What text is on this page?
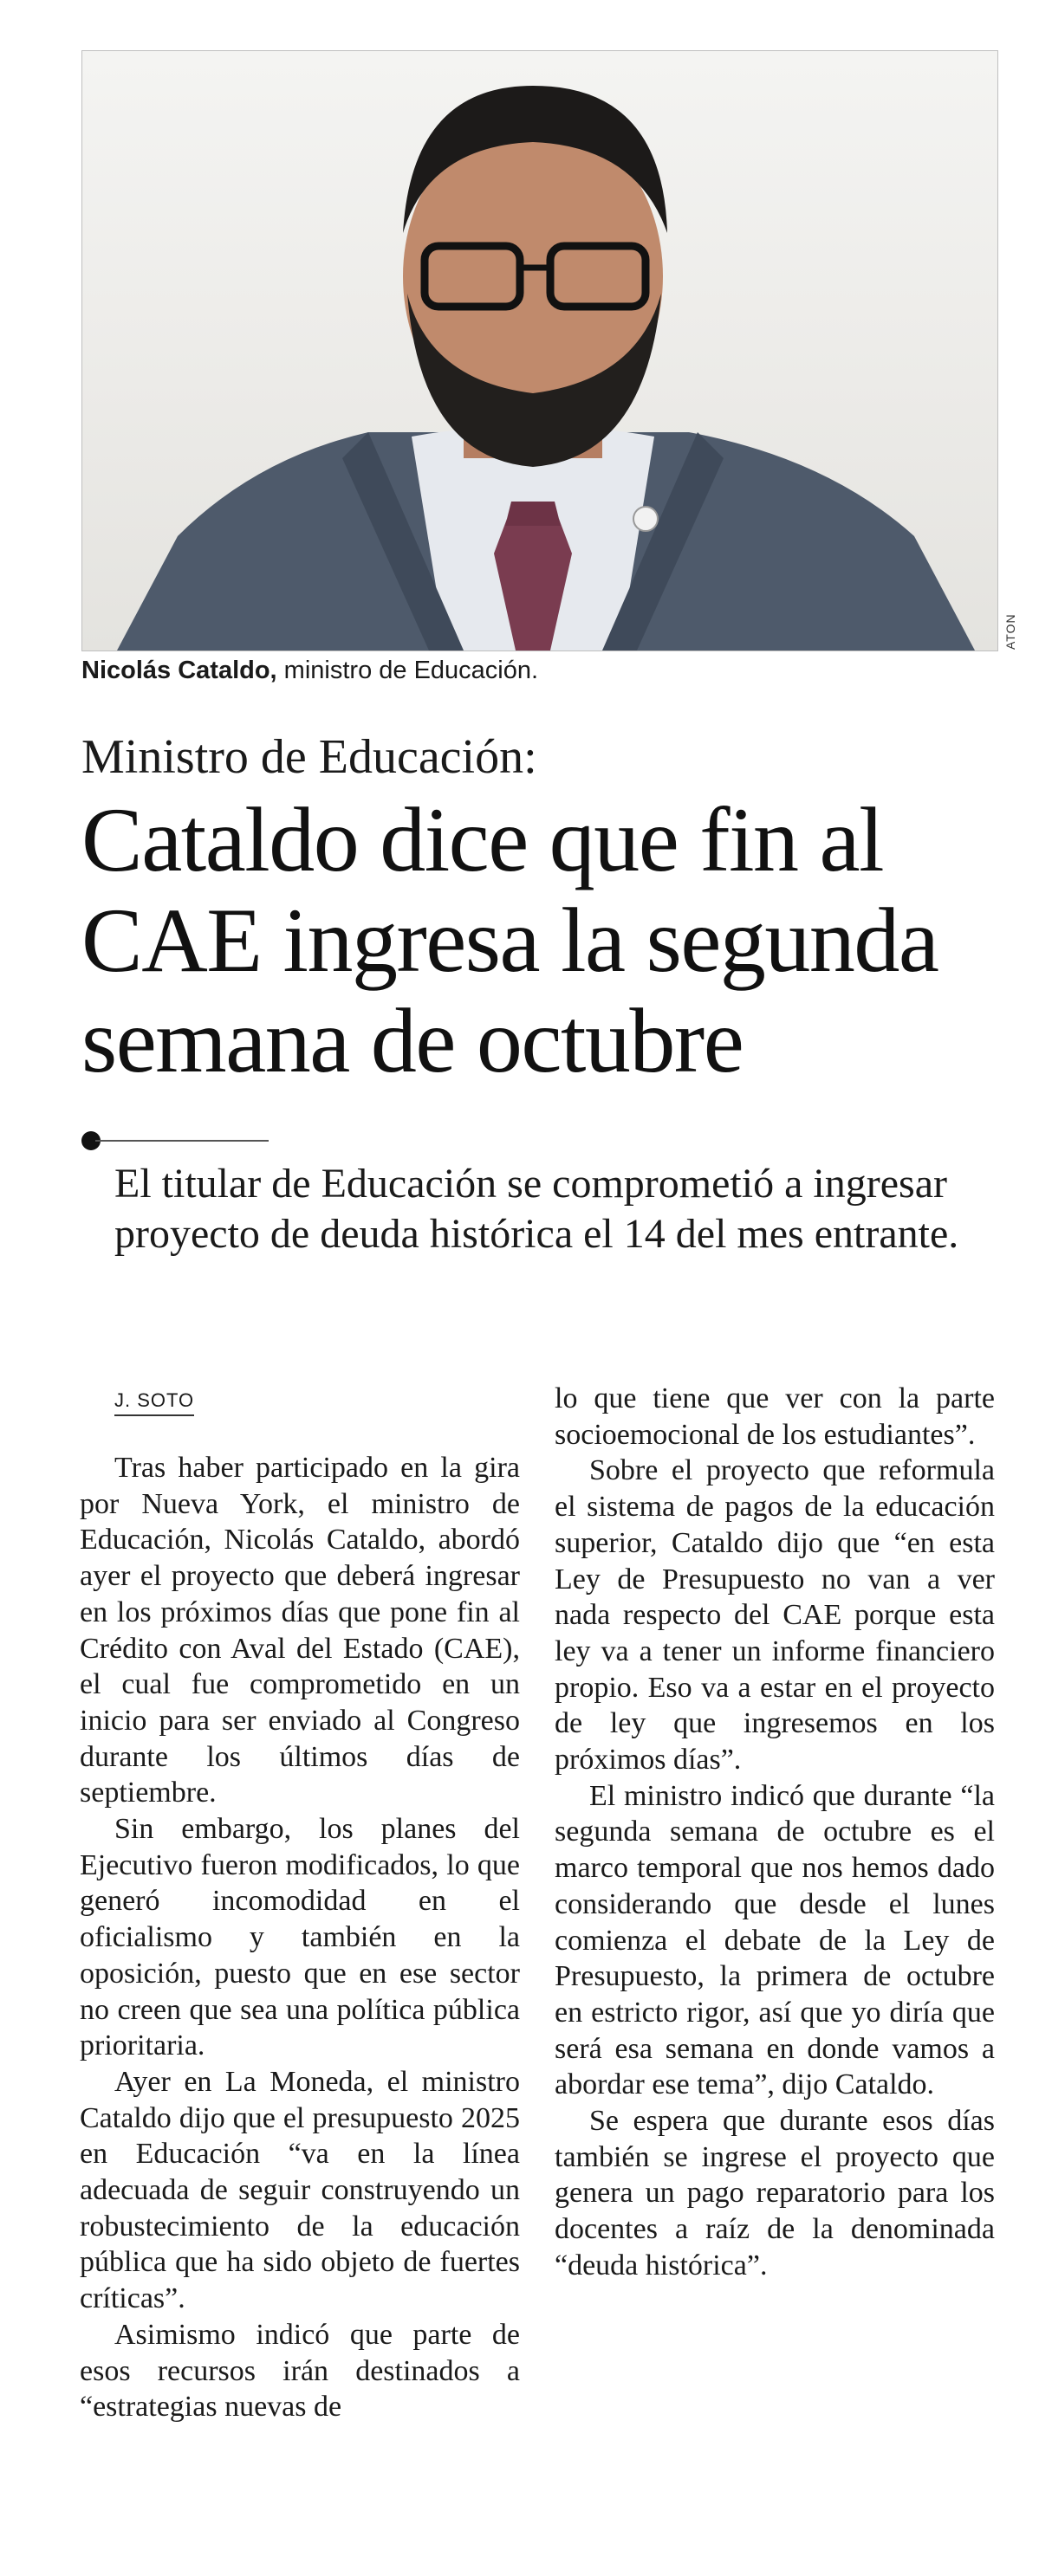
ATON
Nicolás Cataldo, ministro de Educación.
Ministro de Educación:
Cataldo dice que fin al CAE ingresa la segunda semana de octubre
El titular de Educación se comprometió a ingresar proyecto de deuda histórica el 14 del mes entrante.
J. SOTO

Tras haber participado en la gira por Nueva York, el ministro de Educación, Nicolás Cataldo, abordó ayer el proyecto que deberá ingresar en los próximos días que pone fin al Crédito con Aval del Estado (CAE), el cual fue comprometido en un inicio para ser enviado al Congreso durante los últimos días de septiembre.

Sin embargo, los planes del Ejecutivo fueron modificados, lo que generó incomodidad en el oficialismo y también en la oposición, puesto que en ese sector no creen que sea una política pública prioritaria.

Ayer en La Moneda, el ministro Cataldo dijo que el presupuesto 2025 en Educación “va en la línea adecuada de seguir construyendo un robustecimiento de la educación pública que ha sido objeto de fuertes críticas”.

Asimismo indicó que parte de esos recursos irán destinados a “estrategias nuevas de

lo que tiene que ver con la parte socioemocional de los estudiantes”.

Sobre el proyecto que reformula el sistema de pagos de la educación superior, Cataldo dijo que “en esta Ley de Presupuesto no van a ver nada respecto del CAE porque esta ley va a tener un informe financiero propio. Eso va a estar en el proyecto de ley que ingresemos en los próximos días”.

El ministro indicó que durante “la segunda semana de octubre es el marco temporal que nos hemos dado considerando que desde el lunes comienza el debate de la Ley de Presupuesto, la primera de octubre en estricto rigor, así que yo diría que será esa semana en donde vamos a abordar ese tema”, dijo Cataldo.

Se espera que durante esos días también se ingrese el proyecto que genera un pago reparatorio para los docentes a raíz de la denominada “deuda histórica”.
